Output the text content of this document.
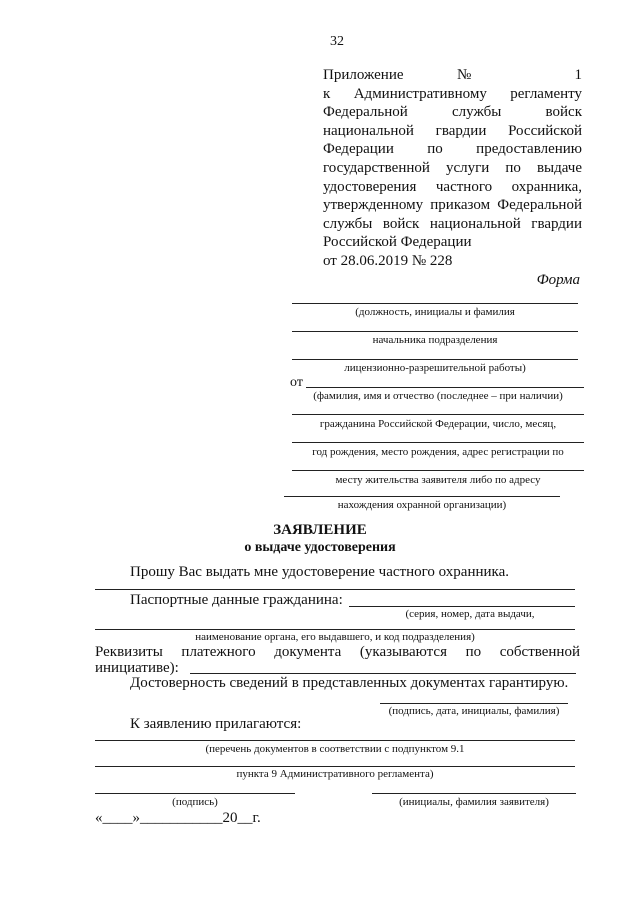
32
Приложение № 1
к Административному регламенту
Федеральной службы войск
национальной гвардии Российской
Федерации по предоставлению
государственной услуги по выдаче
удостоверения частного охранника,
утвержденному приказом Федеральной
службы войск национальной гвардии
Российской Федерации
от 28.06.2019 № 228
Форма
(должность, инициалы и фамилия
начальника подразделения
лицензионно-разрешительной работы)
от
(фамилия, имя и отчество (последнее – при наличии)
гражданина Российской Федерации, число, месяц,
год рождения, место рождения, адрес регистрации по
месту жительства заявителя либо по адресу
нахождения охранной организации)
ЗАЯВЛЕНИЕ
о выдаче удостоверения
Прошу Вас выдать мне удостоверение частного охранника.
Паспортные данные гражданина:
(серия, номер, дата выдачи,
наименование органа, его выдавшего, и код подразделения)
Реквизиты платежного документа (указываются по собственной
инициативе):
Достоверность сведений в представленных документах гарантирую.
(подпись, дата, инициалы, фамилия)
К заявлению прилагаются:
(перечень документов в соответствии с подпунктом 9.1
пункта 9 Административного регламента)
(подпись)	(инициалы, фамилия заявителя)
«____»___________20__г.
